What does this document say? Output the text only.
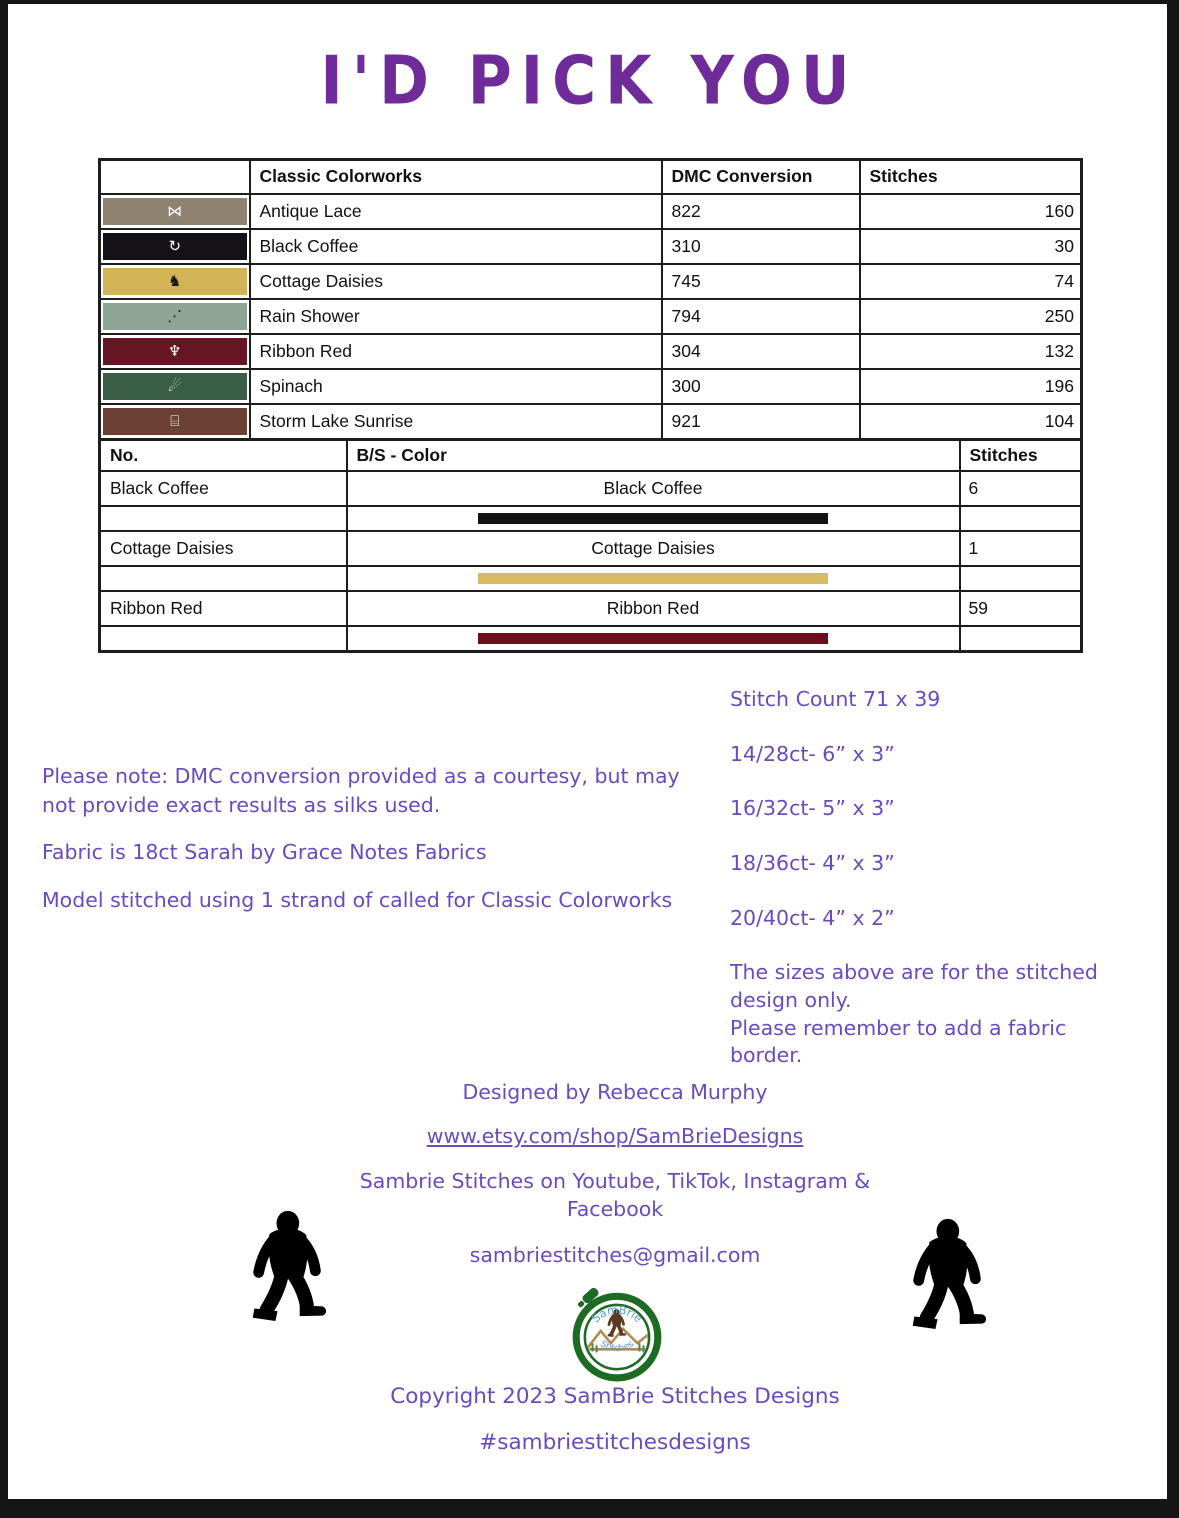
I'D PICK YOU
	Classic Colorworks	DMC Conversion	Stitches

⋈	Antique Lace	822	160

↻	Black Coffee	310	30

♞	Cottage Daisies	745	74

⋰	Rain Shower	794	250

♆	Ribbon Red	304	132

☄	Spinach	300	196

⌸	Storm Lake Sunrise	921	104
No.	B/S - Color	Stitches
Black Coffee	Black Coffee	6

Cottage Daisies	Cottage Daisies	1

Ribbon Red	Ribbon Red	59

Please note: DMC conversion provided as a courtesy, but may not provide exact results as silks used.

Fabric is 18ct Sarah by Grace Notes Fabrics

Model stitched using 1 strand of called for Classic Colorworks

Stitch Count 71 x 39
14/28ct- 6” x 3”
16/32ct- 5” x 3”
18/36ct- 4” x 3”
20/40ct- 4” x 2”
The sizes above are for the stitched design only.
Please remember to add a fabric border.
Designed by Rebecca Murphy
www.etsy.com/shop/SamBrieDesigns
Sambrie Stitches on Youtube, TikTok, Instagram & Facebook
sambriestitches@gmail.com
SamBrie
Stitches
Copyright 2023 SamBrie Stitches Designs
#sambriestitchesdesigns
